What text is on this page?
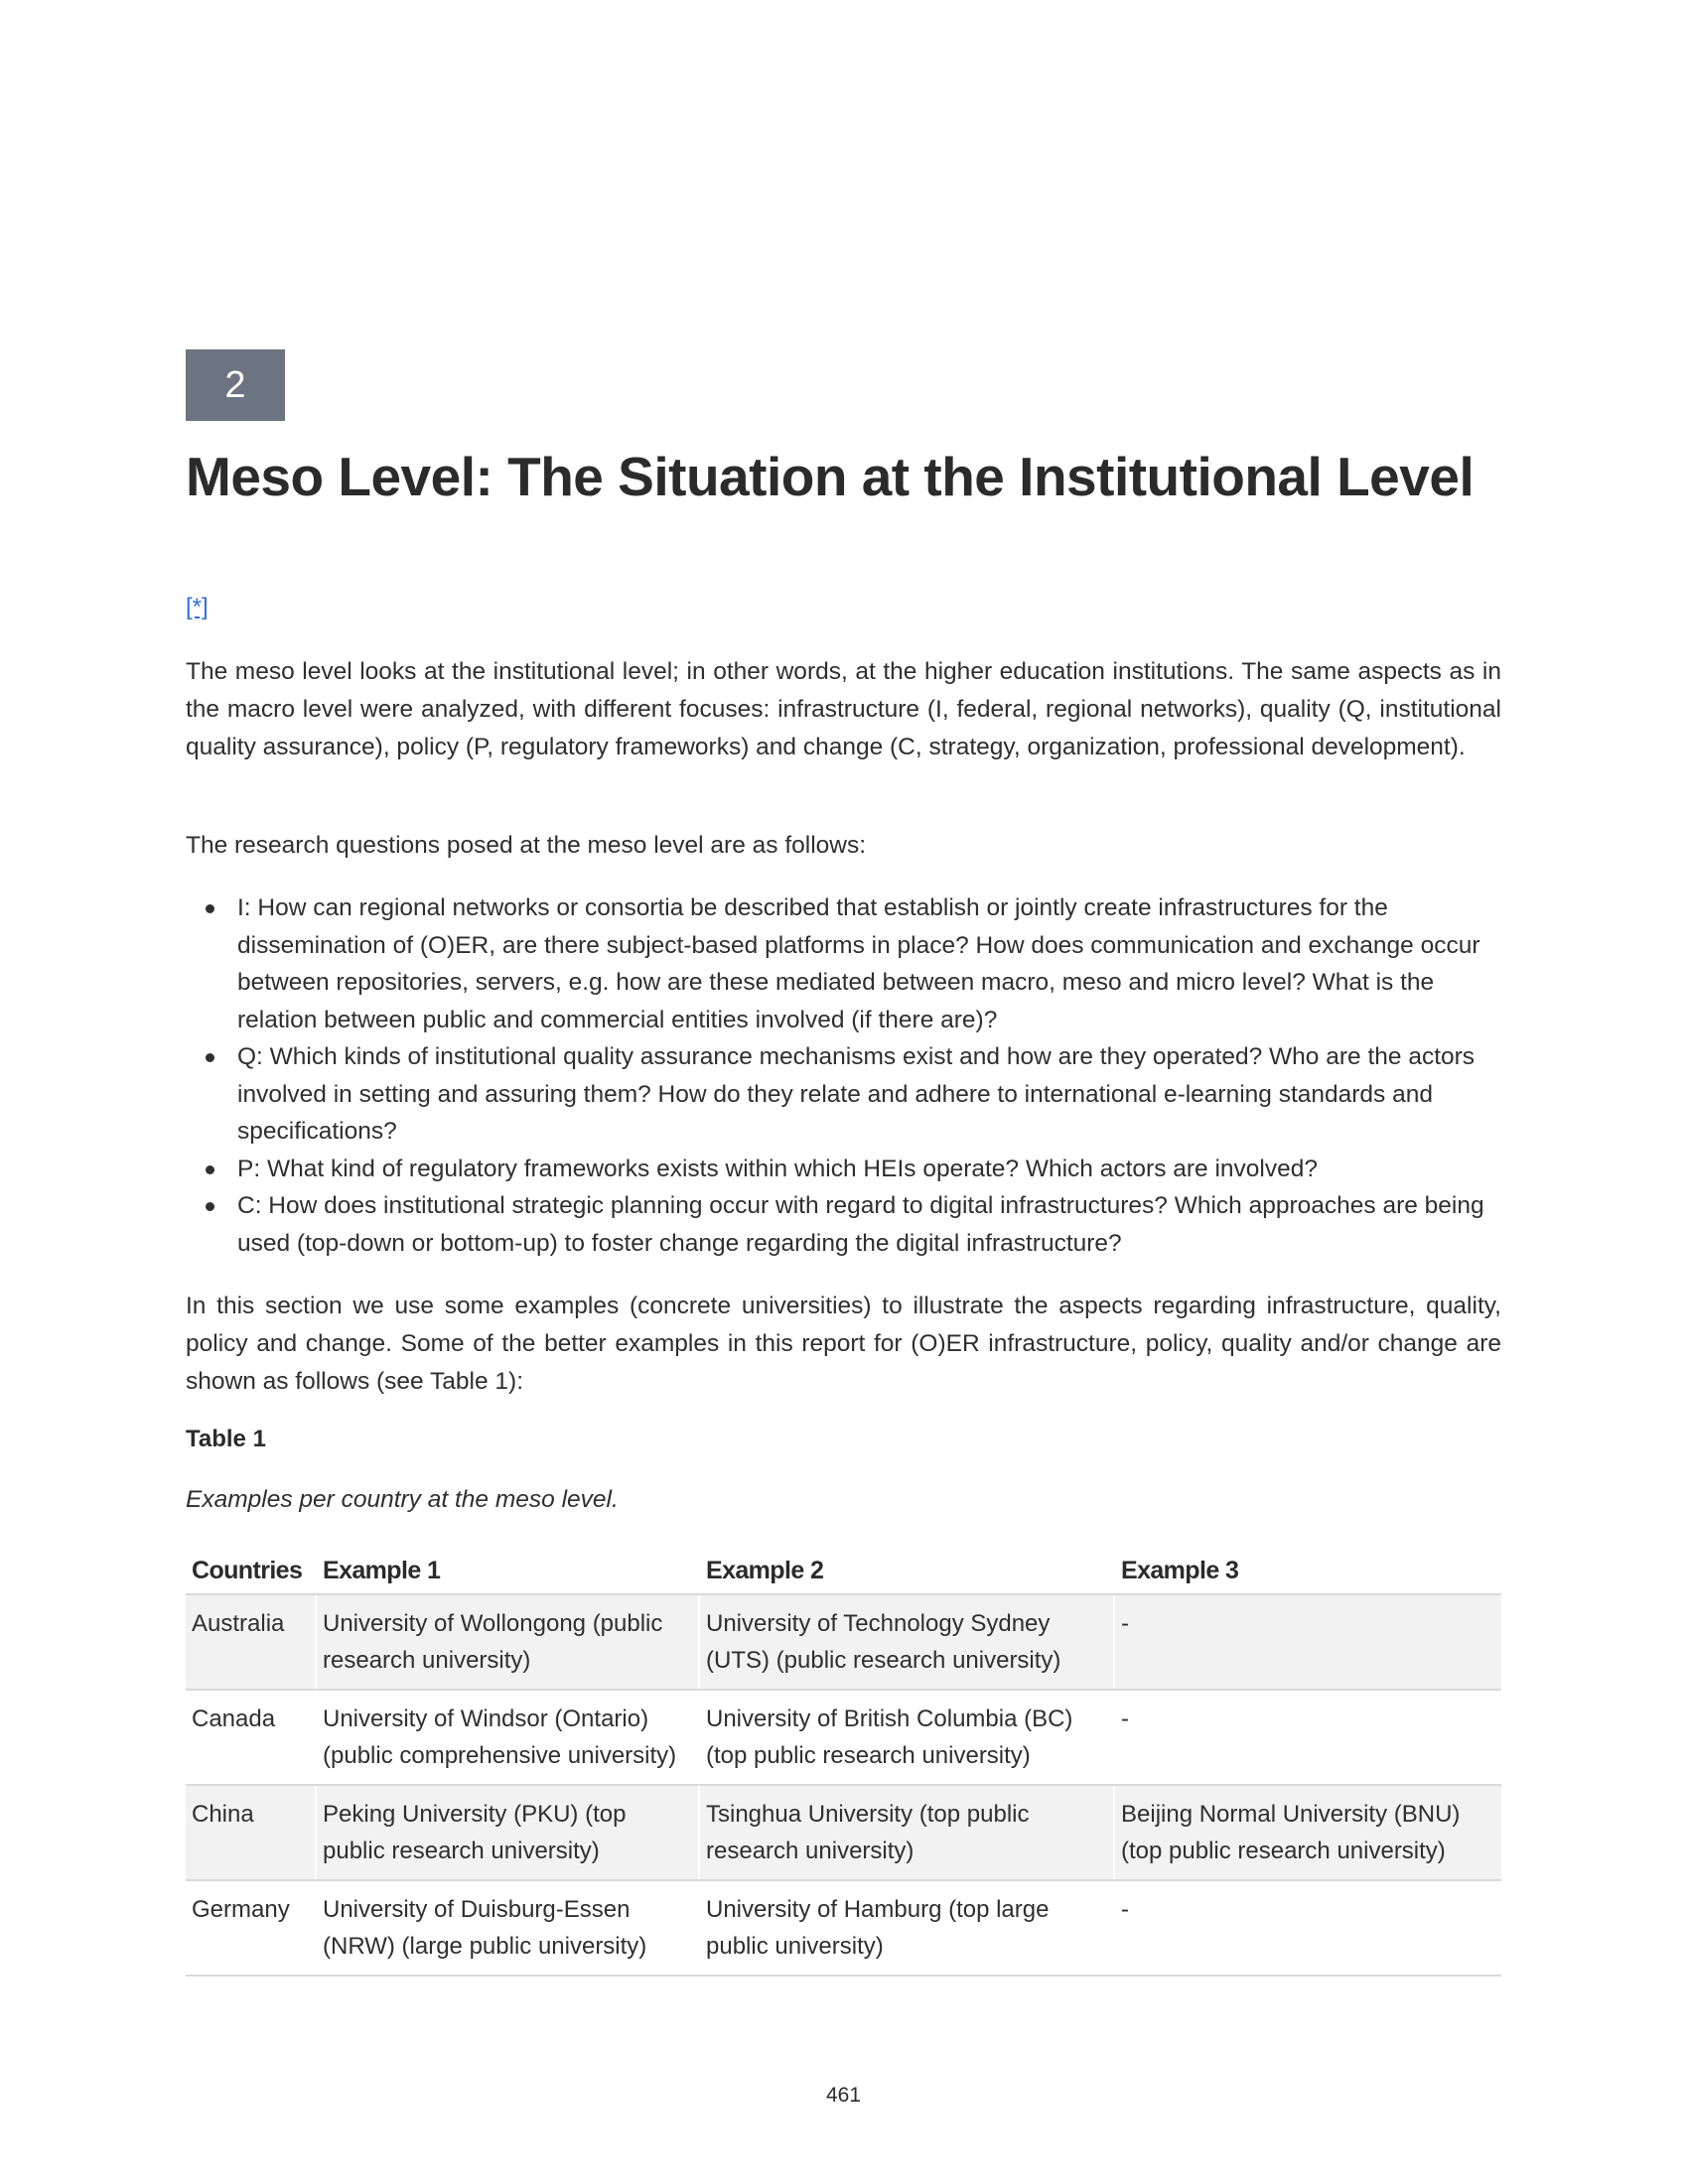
2
Meso Level: The Situation at the Institutional Level
[*]

The meso level looks at the institutional level; in other words, at the higher education institutions. The same aspects as in the macro level were analyzed, with different focuses: infrastructure (I, federal, regional networks), quality (Q, institutional quality assurance), policy (P, regulatory frameworks) and change (C, strategy, organization, professional development).

The research questions posed at the meso level are as follows:

I: How can regional networks or consortia be described that establish or jointly create infrastructures for the dissemination of (O)ER, are there subject-based platforms in place? How does communication and exchange occur between repositories, servers, e.g. how are these mediated between macro, meso and micro level? What is the relation between public and commercial entities involved (if there are)?
Q: Which kinds of institutional quality assurance mechanisms exist and how are they operated? Who are the actors involved in setting and assuring them? How do they relate and adhere to international e-learning standards and specifications?
P: What kind of regulatory frameworks exists within which HEIs operate? Which actors are involved?
C: How does institutional strategic planning occur with regard to digital infrastructures? Which approaches are being used (top-down or bottom-up) to foster change regarding the digital infrastructure?

In this section we use some examples (concrete universities) to illustrate the aspects regarding infrastructure, quality, policy and change. Some of the better examples in this report for (O)ER infrastructure, policy, quality and/or change are shown as follows (see Table 1):

Table 1
Examples per country at the meso level.
Countries	Example 1	Example 2	Example 3
Australia	University of Wollongong (public research university)	University of Technology Sydney (UTS) (public research university)	-
Canada	University of Windsor (Ontario) (public comprehensive university)	University of British Columbia (BC) (top public research university)	-
China	Peking University (PKU) (top public research university)	Tsinghua University (top public research university)	Beijing Normal University (BNU) (top public research university)
Germany	University of Duisburg-Essen (NRW) (large public university)	University of Hamburg (top large public university)	-
461
